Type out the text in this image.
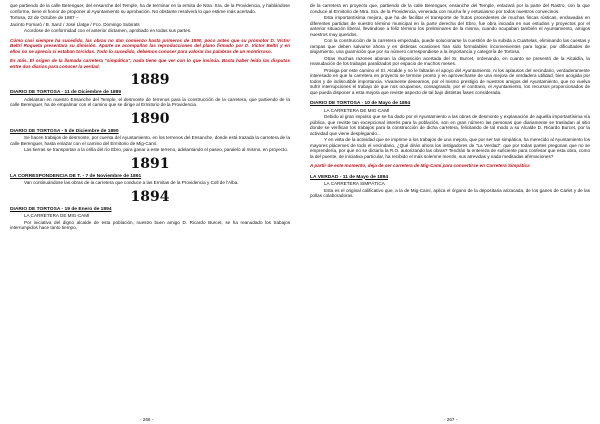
que partiendo de la calle Berenguer, del ensanche del Temple, ha de terminar en la ermita de Ntra. Sra. de la Providencia, y hablándose conforme, tiene el honor de proponer al Ayuntamiento su aprobación. No obstante resolverá lo que estime más acertado.

Tortosa, 22 de Octubre de 1887 –

Jacinto Fornaró / B. Sanz / José Llatge / Fco. Domingo Subirats

Acordose de conformidad con el anterior dictamen, aprobado en todas sus partes.

Cómo casi siempre ha sucedido, las obras no dan comienzo hasta primeros de 1890, poco antes que su promotor D. Víctor Beltrí Roqueta presentara su dimisión. Aparte se acompañan las reproducciones del plano firmado por D. Víctor Beltrí y en ellos no se aprecia si estaban torcidas. Todo lo sucedido, debemos conocer para valorar las palabras de un montirroso.

Es más. El origen de la llamada carretera "simpática", nada tiene que ver con lo que insinúa. Basta haber leído las disputas entre dos diarios para conocer la verdad.

1889
DIARIO DE TORTOSA - 11 de Diciembre de 1889

Adelantan en nuestro Ensanche del Temple, el desmonte de terrenos para la construcción de la carretera, que partiendo de la calle Berenguer, ha de empalmar con el camino que se dirige al Ermitorio de la Providencia.

1890
DIARIO DE TORTOSA - 5 de Diciembre de 1890

Se hacen trabajos de desmonte, por cuenta del Ayuntamiento, en los terrenos del Ensanche, donde está trazada la carretera de la calle Berenguer, hasta enlazar con el camino del Ermitorio de Mig-Camí.

Las tierras se transportan a la orilla del río Ebro, para ganar a este terreno, adelantando el paseo, paralelo al mismo, en proyecto.

1891
LA CORRESPONDENCIA DE T. - 7 de Noviembre de 1891

Van continuándose las obras de la carretera que conduce a las Ermitas de la Providencia y Coll de l'Alba.

1894
DIARIO DE TORTOSA - 19 de Enero de 1894

LA CARRETERA DE MIG-CAMÍ

Por iniciativa del digno alcalde de esta población, nuestro buen amigo D. Ricardo Burcet, se ha reanudado los trabajos interrumpidos hace tanto tiempo,

- 266 -

de la carretera en proyecto que, partiendo de la calle Berenguer, ensanche del Temple, enlazará por la parte del Rastro, con la que conduce al Ermitorio de Ntra. Sra. de la Providencia, venerada con mucha fe y entusiasmo por todos nuestros convecinos.

Esta importantísima mejora, que ha de facilitar el transporte de frutos procedentes de muchas fincas rústicas, enclavadas en diferentes partidas de nuestro término municipal en la parte derecha del Ebro, fue obra iniciada en sus estudios y proyectos por el anterior situación liberal, llevándose a feliz término los preliminares de la misma, cuando ocupaban también el Ayuntamiento, amigos nuestros muy queridos.

Con la construcción de la carretera empezada, puede solucionarse la cuestión de la subida a Cuartelas, eliminando las cuestas y rampas que deben salvarse ahora y en distintas ocasiones han sido formidables inconvenientes para lograr, por dificultades de alojamiento, una guarnición que por su número correspondiese a la importancia y categoría de Tortosa.

Otras muchas razones abonan la disposición acertada del Sr. Burcet, ordenando, en cuanto se presentó de la Alcaldía, la reanudación de los trabajos paralizados por espacio de muchos meses.

Prosiga por este camino el Sr. Alcalde y no le faltarán el apoyo del Ayuntamiento, ni los aplausos del vecindario, verdaderamente interesado en que la carretera en proyecto se termine pronto y en aprovecharse de una mejora de verdadera utilidad, bien acogida por todos y de indiscutible importancia. Vivamente deseamos, por el mismo prestigio de nuestros amigos del Ayuntamiento, que no vuelva sufrir interrupciones el trabajo de que nos ocupamos, consagrando, por el contrario, el Ayuntamiento, los recursos proporcionados de que pueda disponer a esta mejora que reviste aspecto de tal bajo distintas fases considerada.

DIARIO DE TORTOSA - 10 de Mayo de 1894

LA CARRETERA DE MIG-CAMÍ

Debido al gran impulso que se ha dado por el Ayuntamiento a las obras de desmonte y explanación de aquella importantísima vía pública, que reviste tan excepcional interés para la población, son en gran número las personas que diariamente se trasladan al sitio donde se verifican los trabajos para la construcción de dicha carretera, felicitando de tal modo a su Alcalde D. Ricardo Burcet, por la actividad que viene desplegando...

Y en vista de la actividad que se imprime a los trabajos de una mejora, que por ser tan simpática, ha merecido al Ayuntamiento los mayores plácemes de todo el vecindario, ¿Qué dirán ahora los instigadores de "La Verdad", que por todas partes pregonan que no se emprendería, por que no se dictaría la R.O. autorizando las obras? Tendrán la entereza de suficiente para confesar que esta obra, como la del puente, de iniciativa particular, ha recibido el más solemne mentís, sus atrevidas y nada meditadas afirmaciones?

A partir de este momento, deja de ser carretera de Mig-Camí para convertirse en Carretera Simpática

LA VERDAD - 11 de Mayo de 1894

LA CARRETERA SIMPÁTICA

Esta es el original calificativo que, a la de Mig-Camí, aplica el órgano de la depositaria arizacada, de los ganes de Carlet y de las pollas colaboradoras.

- 267 -
